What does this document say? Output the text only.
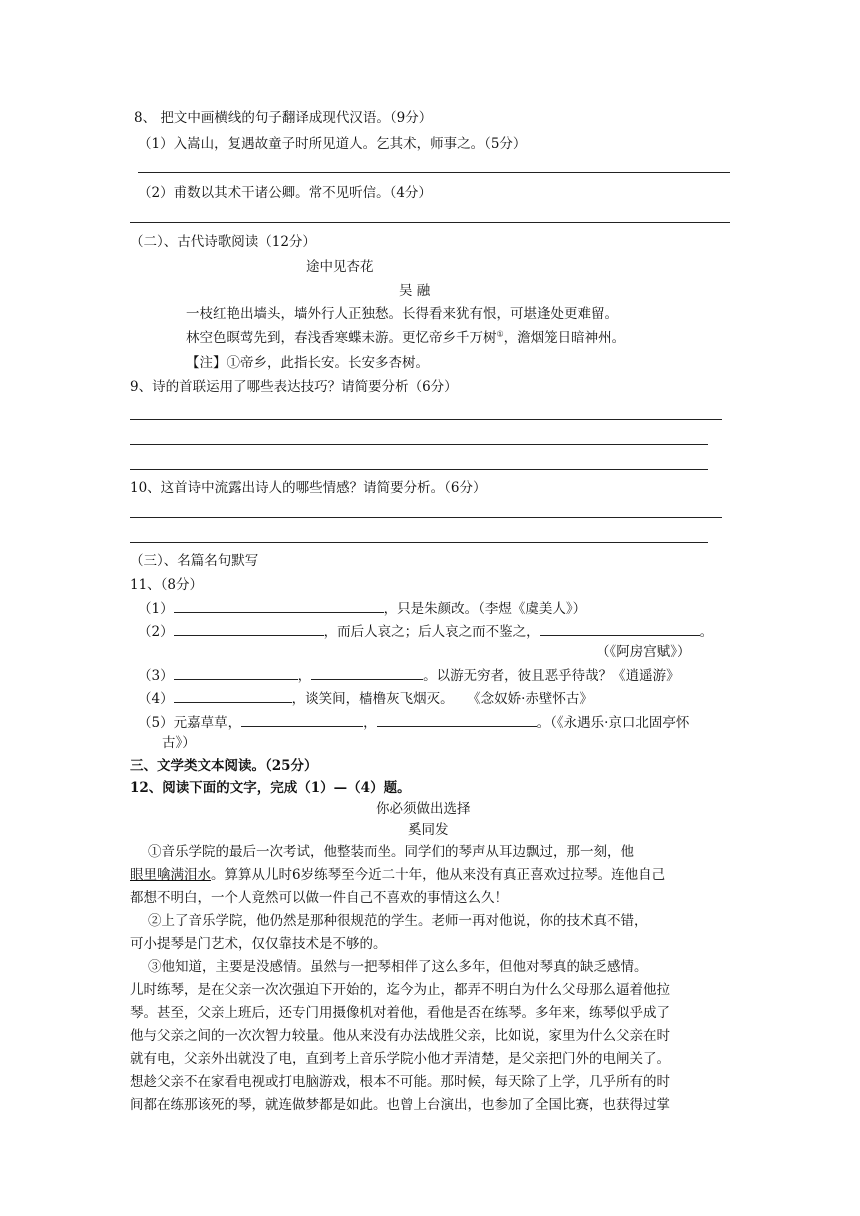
8、 把文中画横线的句子翻译成现代汉语。（9分）
（1）入嵩山，复遇故童子时所见道人。乞其术，师事之。（5分）
（2）甫数以其术干诸公卿。常不见听信。（4分）
（二）、古代诗歌阅读（12分）
途中见杏花
吴 融
一枝红艳出墙头，墙外行人正独愁。长得看来犹有恨，可堪逢处更难留。
林空色暝莺先到，春浅香寒蝶未游。更忆帝乡千万树①，澹烟笼日暗神州。
【注】①帝乡，此指长安。长安多杏树。
9、诗的首联运用了哪些表达技巧？请简要分析（6分）
10、这首诗中流露出诗人的哪些情感？请简要分析。（6分）
（三）、名篇名句默写
11、（8分）
（1）	，只是朱颜改。（李煜《虞美人》）
（2）	，而后人哀之；后人哀之而不鉴之，	。
（《阿房宫赋》）
（3）	，	。以游无穷者，彼且恶乎待哉？《逍遥游》
（4）	，谈笑间，樯橹灰飞烟灭。　　《念奴娇·赤壁怀古》
（5）元嘉草草，	，	。（《永遇乐·京口北固亭怀
古》）
三、文学类文本阅读。（25分）
12、阅读下面的文字，完成（1）—（4）题。
你必须做出选择
奚同发
①音乐学院的最后一次考试，他整装而坐。同学们的琴声从耳边飘过，那一刻，他
眼里噙满泪水。算算从儿时6岁练琴至今近二十年，他从来没有真正喜欢过拉琴。连他自己
都想不明白，一个人竟然可以做一件自己不喜欢的事情这么久！
②上了音乐学院，他仍然是那种很规范的学生。老师一再对他说，你的技术真不错，
可小提琴是门艺术，仅仅靠技术是不够的。
③他知道，主要是没感情。虽然与一把琴相伴了这么多年，但他对琴真的缺乏感情。
儿时练琴，是在父亲一次次强迫下开始的，迄今为止，都弄不明白为什么父母那么逼着他拉
琴。甚至，父亲上班后，还专门用摄像机对着他，看他是否在练琴。多年来，练琴似乎成了
他与父亲之间的一次次智力较量。他从来没有办法战胜父亲，比如说，家里为什么父亲在时
就有电，父亲外出就没了电，直到考上音乐学院小他才弄清楚，是父亲把门外的电闸关了。
想趁父亲不在家看电视或打电脑游戏，根本不可能。那时候，每天除了上学，几乎所有的时
间都在练那该死的琴，就连做梦都是如此。也曾上台演出，也参加了全国比赛，也获得过掌
